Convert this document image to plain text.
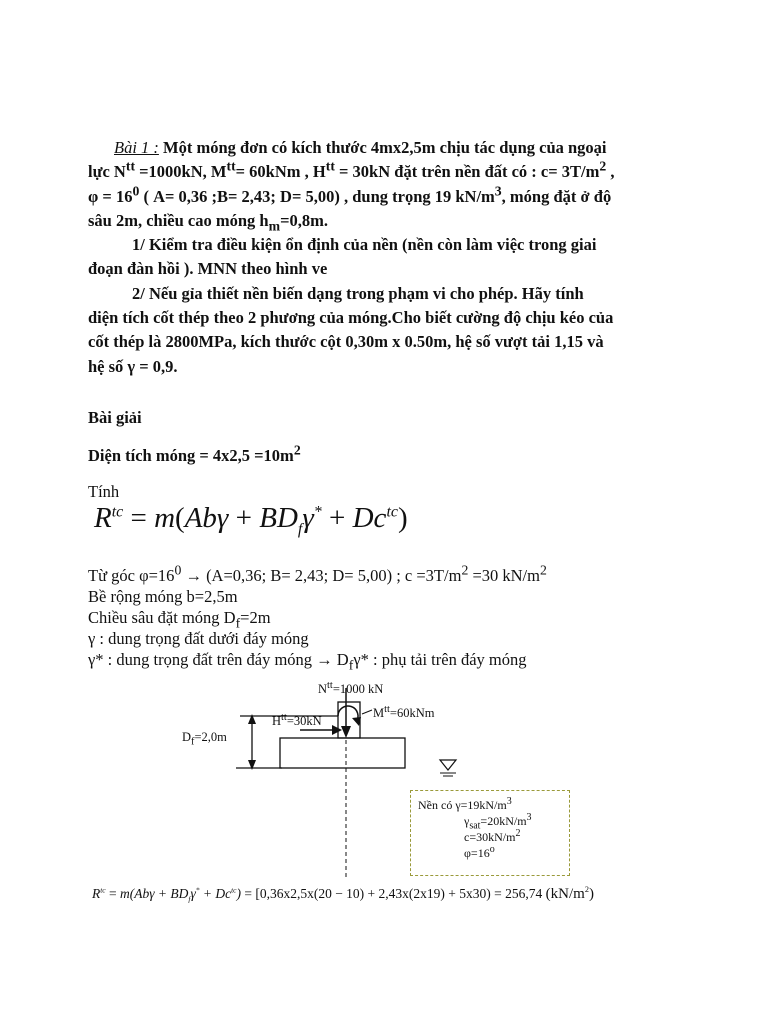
Bài 1 : Một móng đơn có kích thước 4mx2,5m chịu tác dụng của ngoại
lực $N^{tt} =1000kN$, $M^{tt}= 60kNm$ , $H^{tt} = 30kN$ đặt trên nền đất có : $c= 3T/m^2$ ,
$\varphi = 16^0$ ( A= 0,36 ;B= 2,43; D= 5,00) , dung trọng 19 $kN/m^3$, móng đặt ở độ
sâu 2m, chiều cao móng $h_m=0,8m$.
1/ Kiểm tra điều kiện ổn định của nền (nền còn làm việc trong giai
đoạn đàn hồi ). MNN theo hình ve
2/ Nếu gỉa thiết nền biến dạng trong phạm vi cho phép. Hãy tính
diện tích cốt thép theo 2 phương của móng.Cho biết cường độ chịu kéo của
cốt thép là 2800MPa, kích thước cột 0,30m x 0.50m, hệ số vượt tải 1,15 và
hệ số γ = 0,9.
Bài giải
Diện tích móng = $4x2,5 =10m^2$
Tính
$R^{tc} = m(Ab\gamma + BD_f\gamma^* + Dc^{tc})$
Từ góc $\varphi=16^0 \to (A=0,36$; B= 2,43; D= 5,00) ; $c =3T/m^2 =30$ $kN/m^2$
Bề rộng móng b=2,5m
Chiều sâu đặt móng $D_f=2m$
γ : dung trọng đất dưới đáy móng
γ* : dung trọng đất trên đáy móng → $D_f\gamma*$ : phụ tải trên đáy móng
$N^{tt}=1000$ kN
$M^{tt}=60kNm$
$H^{tt}=30kN$
$D_f=2,0m$
Nền có $\gamma=19kN/m^3$
$\gamma_{sat}=20kN/m^3$
$c=30kN/m^2$
$\varphi=16^o$
$R^{tc} = m(Ab\gamma + BD_f\gamma^* + Dc^{tc}) = [0,36x2,5x(20 - 10) + 2,43x(2x19) + 5x30) = 256,74$ $(kN/m^2)$
